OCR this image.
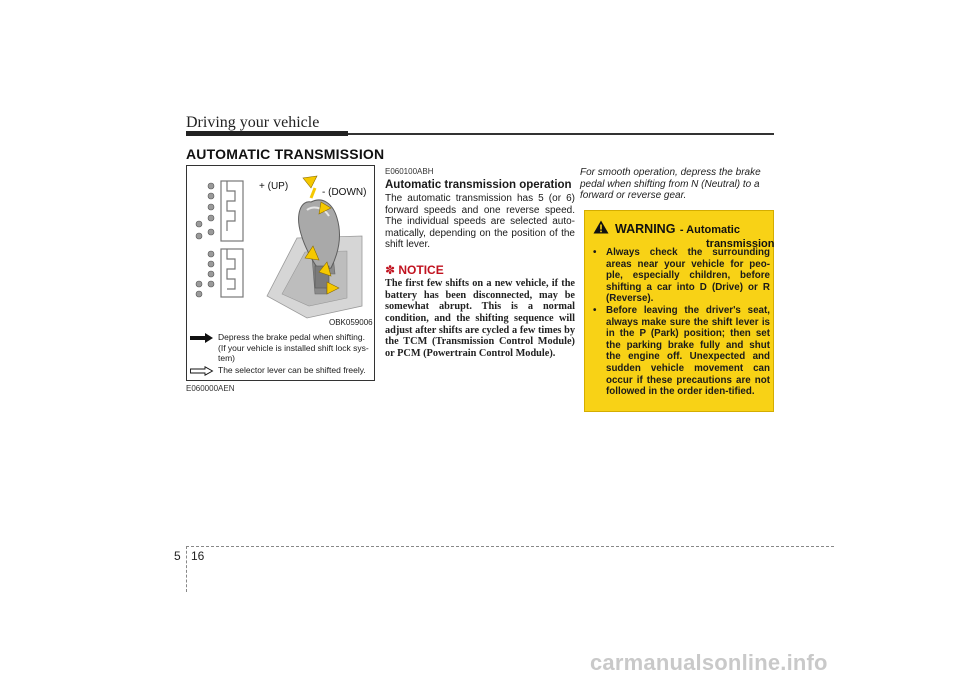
Driving your vehicle
AUTOMATIC TRANSMISSION
+ (UP)
- (DOWN)
OBK059006
Depress the brake pedal when shifting. (If your vehicle is installed shift lock sys-tem)
The selector lever can be shifted freely.
E060000AEN
E060100ABH
Automatic transmission operation
The automatic transmission has 5 (or 6) forward speeds and one reverse speed. The individual speeds are selected auto-matically, depending on the position of the shift lever.
✽ NOTICE
The first few shifts on a new vehicle, if the battery has been disconnected, may be somewhat abrupt. This is a normal condition, and the shifting sequence will adjust after shifts are cycled a few times by the TCM (Transmission Control Module) or PCM (Powertrain Control Module).
For smooth operation, depress the brake pedal when shifting from N (Neutral) to a forward or reverse gear.
WARNING - Automatic
transmission
• Always check the surrounding areas near your vehicle for peo-ple, especially children, before shifting a car into D (Drive) or R (Reverse).
• Before leaving the driver's seat, always make sure the shift lever is in the P (Park) position; then set the parking brake fully and shut the engine off. Unexpected and sudden vehicle movement can occur if these precautions are not followed in the order iden-tified.
5 16
carmanualsonline.info
